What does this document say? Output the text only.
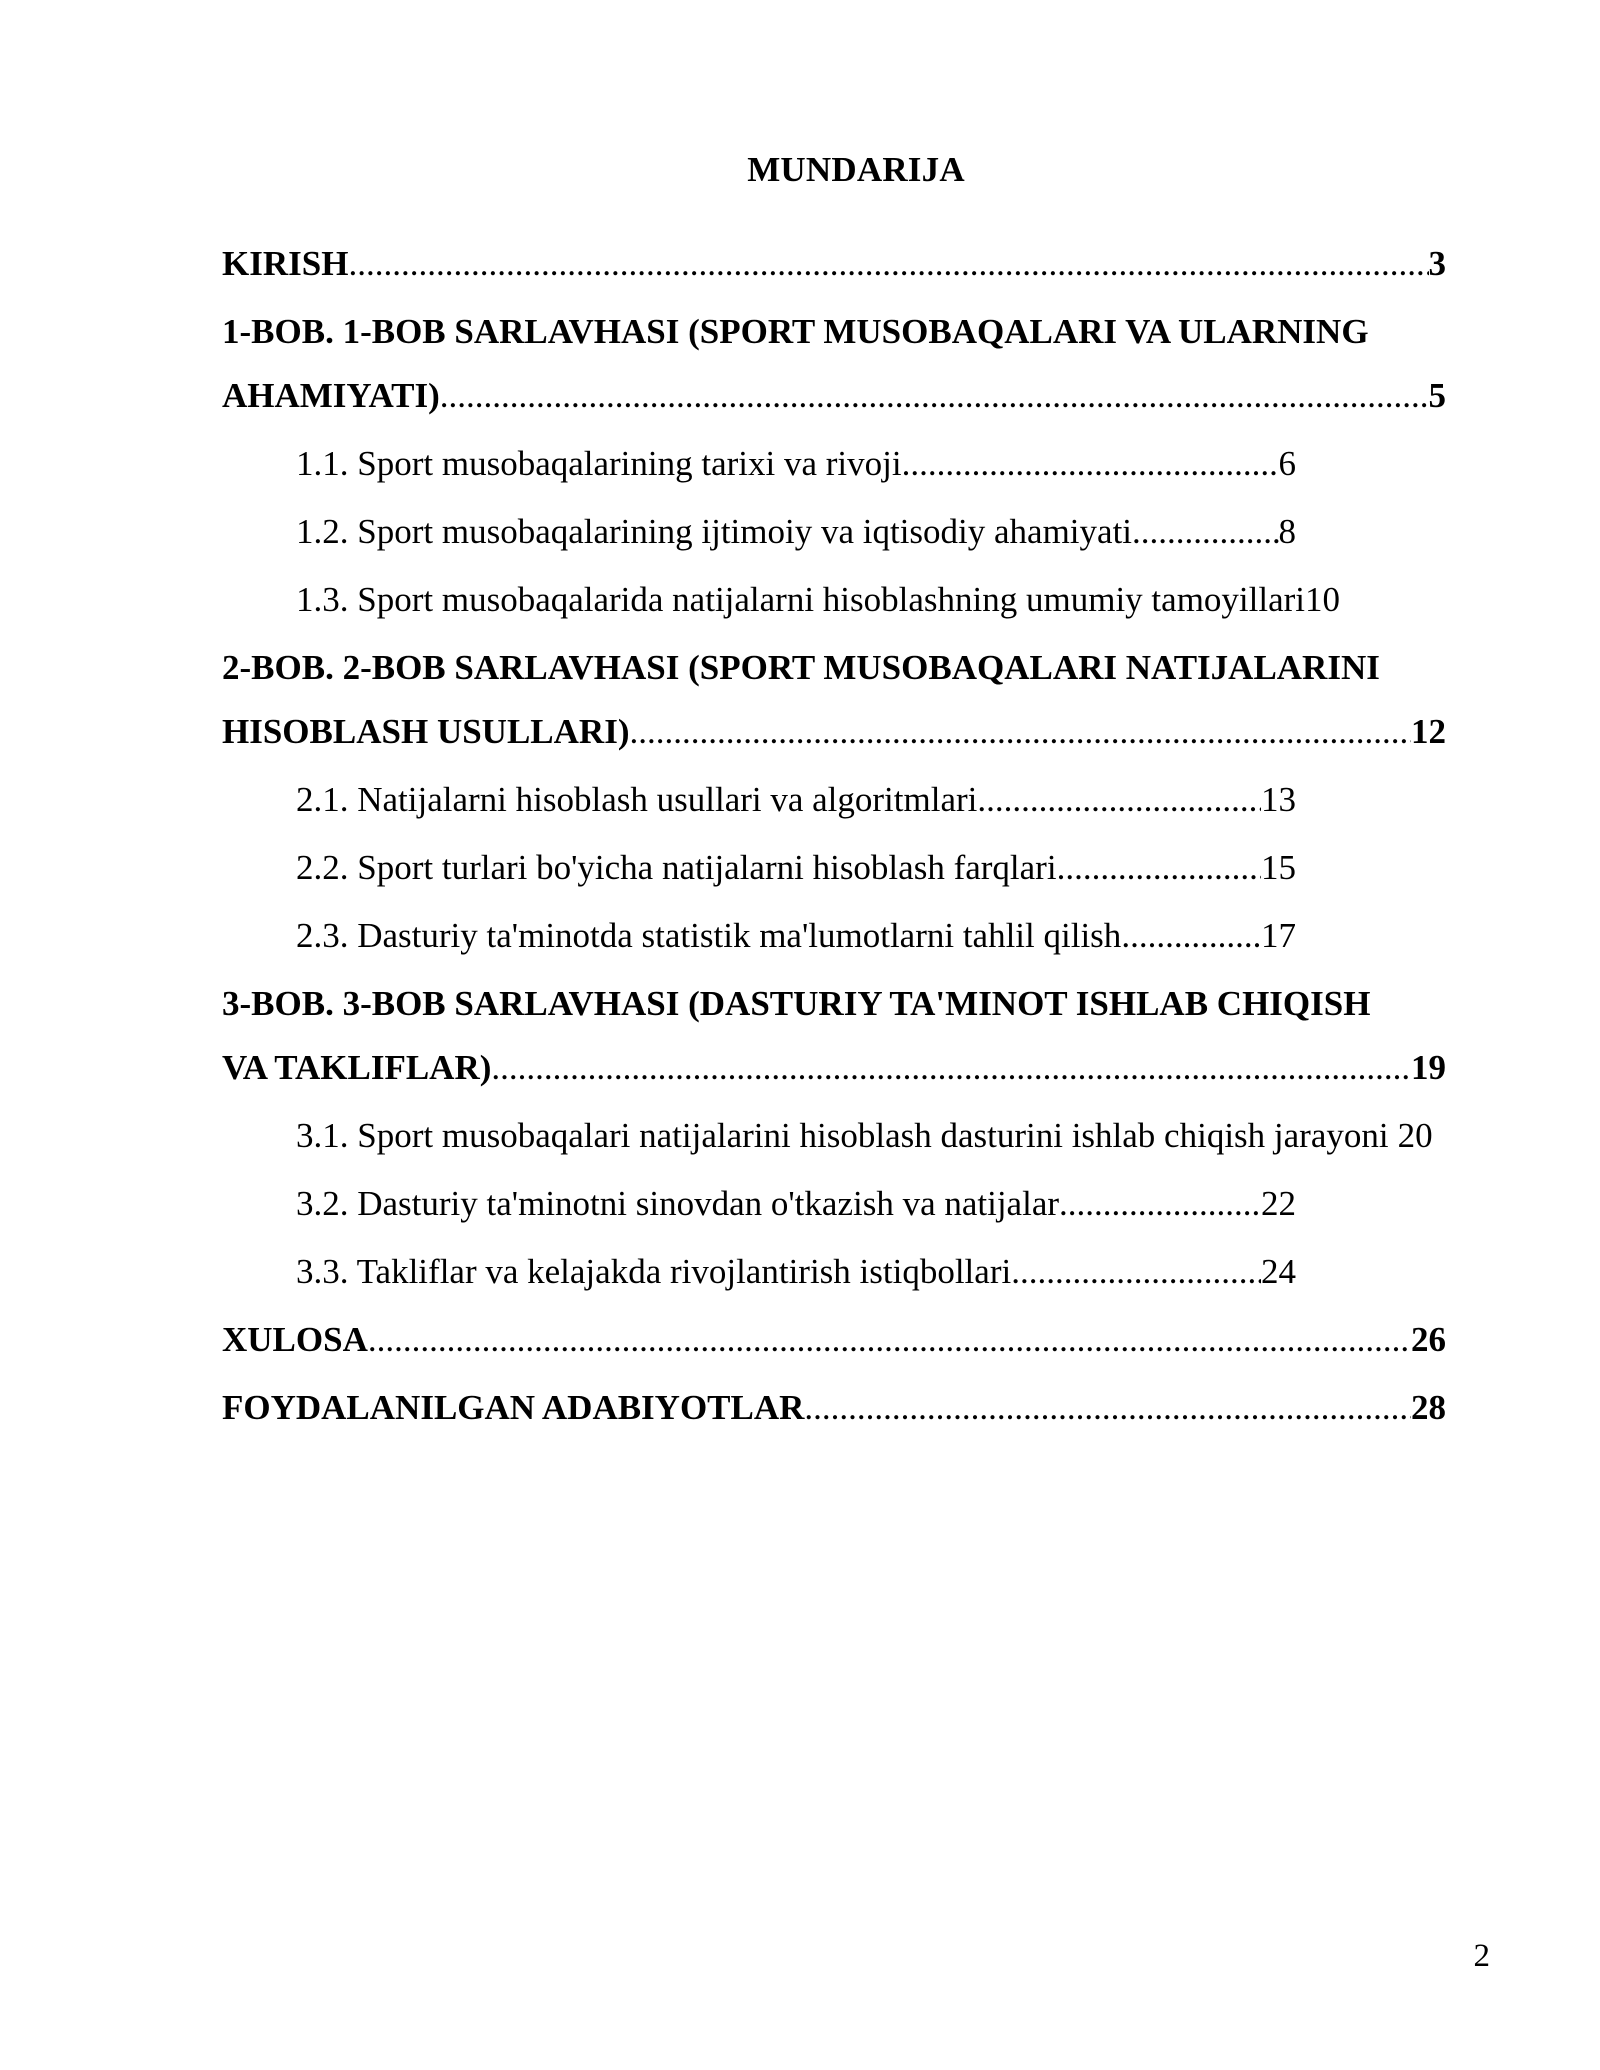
MUNDARIJA
KIRISH .....	3
1-BOB. 1-BOB SARLAVHASI (SPORT MUSOBAQALARI VA ULARNING
AHAMIYATI) .....	5
1.1. Sport musobaqalarining tarixi va rivoji .....	6
1.2. Sport musobaqalarining ijtimoiy va iqtisodiy ahamiyati .....	8
1.3. Sport musobaqalarida natijalarni hisoblashning umumiy tamoyillari 10
2-BOB. 2-BOB SARLAVHASI (SPORT MUSOBAQALARI NATIJALARINI
HISOBLASH USULLARI) .....	12
2.1. Natijalarni hisoblash usullari va algoritmlari .....	13
2.2. Sport turlari bo'yicha natijalarni hisoblash farqlari .....	15
2.3. Dasturiy ta'minotda statistik ma'lumotlarni tahlil qilish .....	17
3-BOB. 3-BOB SARLAVHASI (DASTURIY TA'MINOT ISHLAB CHIQISH
VA TAKLIFLAR) .....	19
3.1. Sport musobaqalari natijalarini hisoblash dasturini ishlab chiqish jarayoni 20
3.2. Dasturiy ta'minotni sinovdan o'tkazish va natijalar .....	22
3.3. Takliflar va kelajakda rivojlantirish istiqbollari .....	24
XULOSA .....	26
FOYDALANILGAN ADABIYOTLAR .....	28
2
